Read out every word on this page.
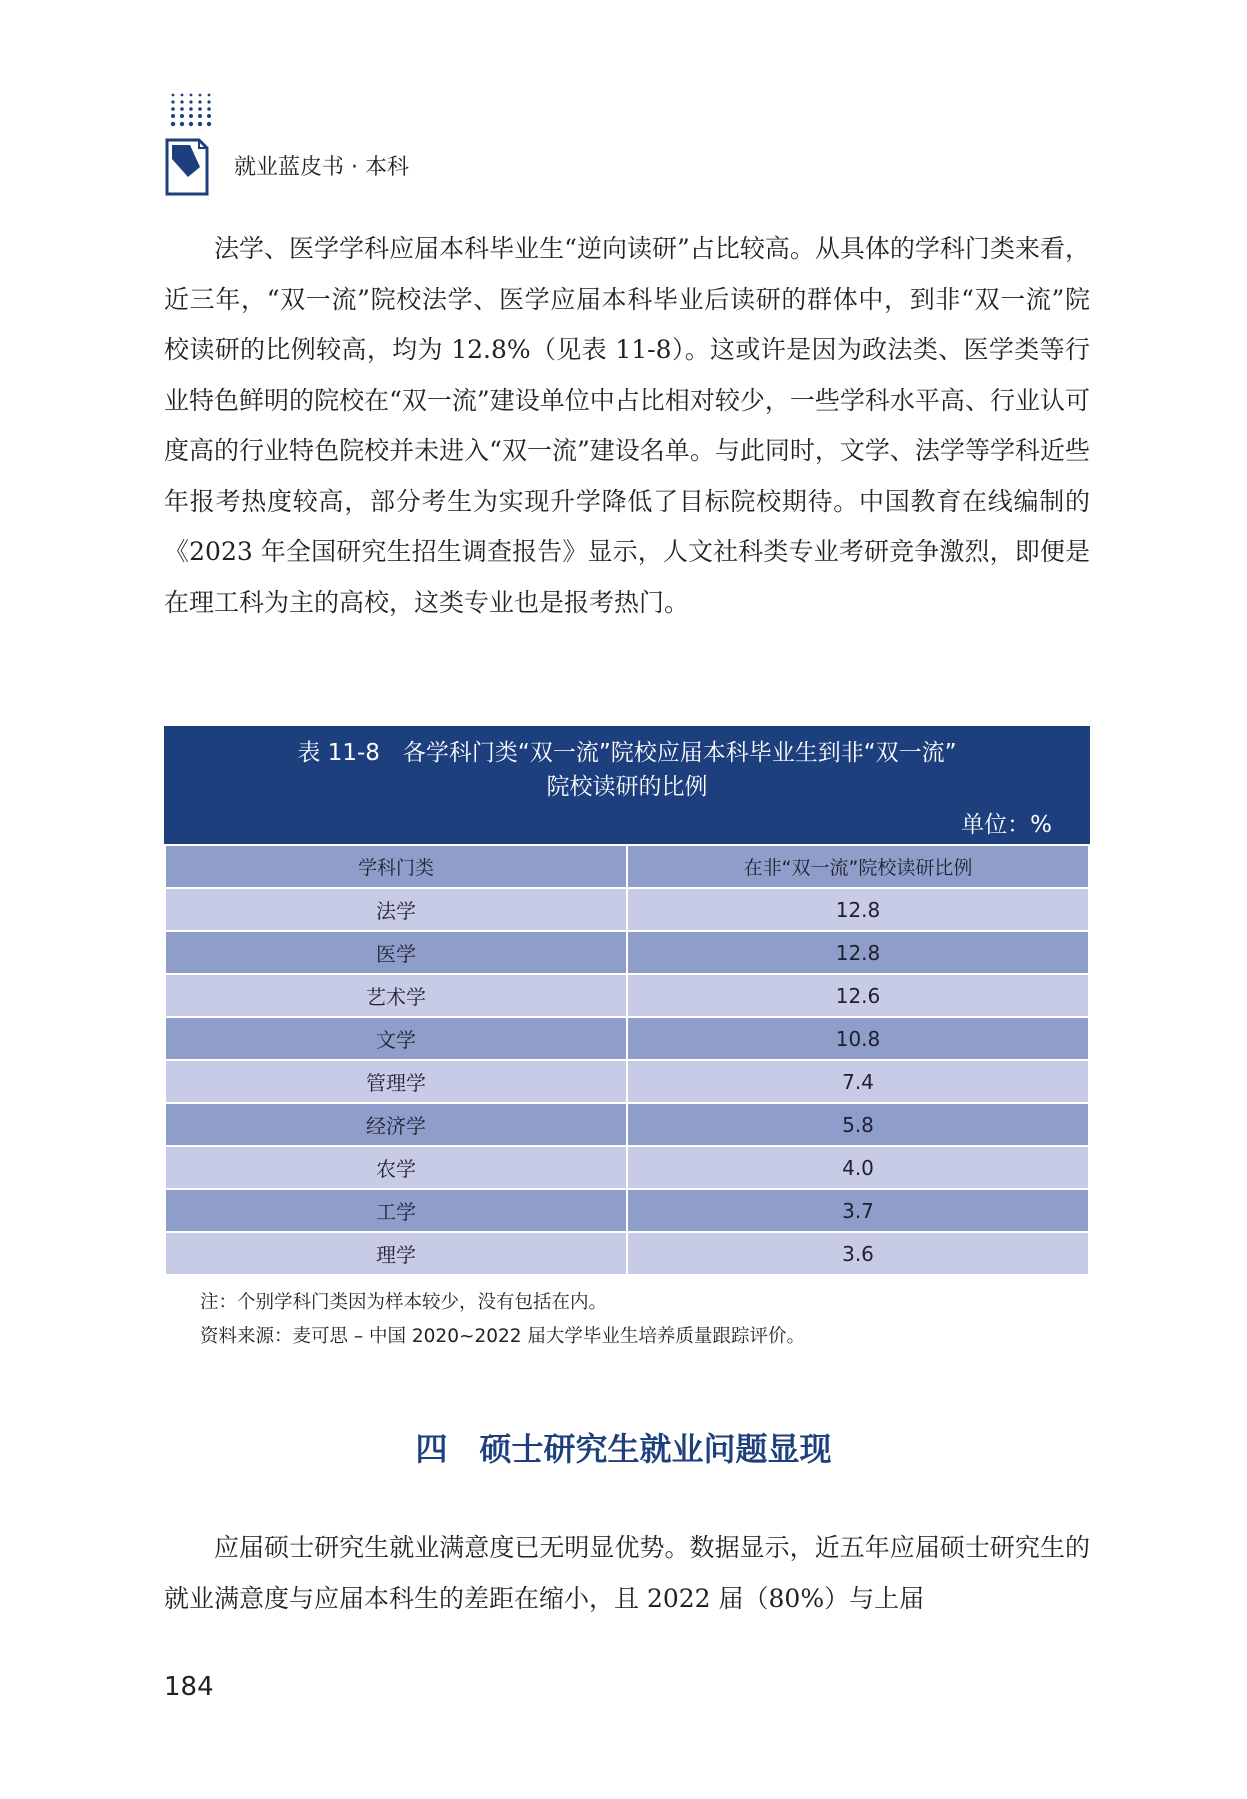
就业蓝皮书 · 本科

法学、医学学科应届本科毕业生“逆向读研”占比较高。从具体的学科门类来看，近三年，“双一流”院校法学、医学应届本科毕业后读研的群体中，到非“双一流”院校读研的比例较高，均为 12.8%（见表 11-8）。这或许是因为政法类、医学类等行业特色鲜明的院校在“双一流”建设单位中占比相对较少，一些学科水平高、行业认可度高的行业特色院校并未进入“双一流”建设名单。与此同时，文学、法学等学科近些年报考热度较高，部分考生为实现升学降低了目标院校期待。中国教育在线编制的《2023 年全国研究生招生调查报告》显示，人文社科类专业考研竞争激烈，即便是在理工科为主的高校，这类专业也是报考热门。

表 11-8　各学科门类“双一流”院校应届本科毕业生到非“双一流”
院校读研的比例
单位：%
学科门类	在非“双一流”院校读研比例
法学	12.8
医学	12.8
艺术学	12.6
文学	10.8
管理学	7.4
经济学	5.8
农学	4.0
工学	3.7
理学	3.6
注：个别学科门类因为样本较少，没有包括在内。
资料来源：麦可思 – 中国 2020~2022 届大学毕业生培养质量跟踪评价。
四 硕士研究生就业问题显现

应届硕士研究生就业满意度已无明显优势。数据显示，近五年应届硕士研究生的就业满意度与应届本科生的差距在缩小，且 2022 届（80%）与上届

184
